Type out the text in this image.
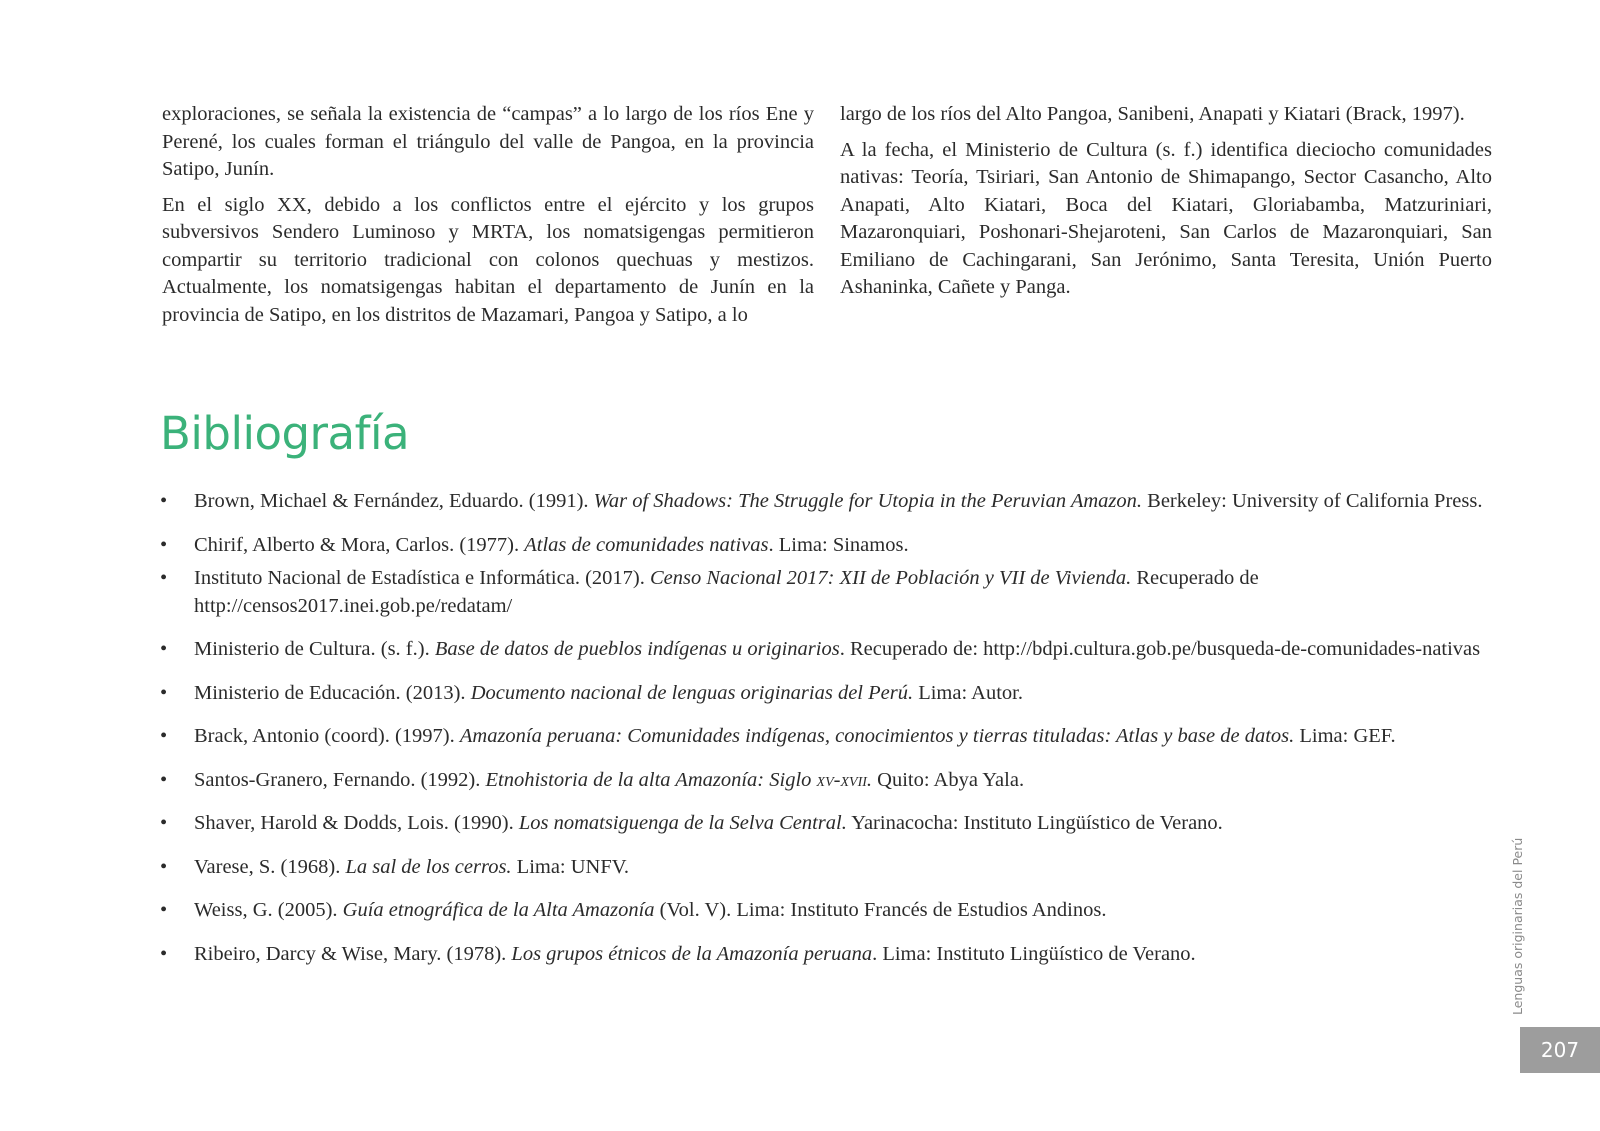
exploraciones, se señala la existencia de “campas” a lo largo de los ríos Ene y Perené, los cuales forman el triángulo del valle de Pangoa, en la provincia Satipo, Junín.

En el siglo XX, debido a los conflictos entre el ejército y los grupos subversivos Sendero Luminoso y MRTA, los nomatsigengas permitieron compartir su territorio tradicional con colonos quechuas y mestizos. Actualmente, los nomatsigengas habitan el departamento de Junín en la provincia de Satipo, en los distritos de Mazamari, Pangoa y Satipo, a lo

largo de los ríos del Alto Pangoa, Sanibeni, Anapati y Kiatari (Brack, 1997).

A la fecha, el Ministerio de Cultura (s. f.) identifica dieciocho comunidades nativas: Teoría, Tsiriari, San Antonio de Shimapango, Sector Casancho, Alto Anapati, Alto Kiatari, Boca del Kiatari, Gloriabamba, Matzuriniari, Mazaronquiari, Poshonari-Shejaroteni, San Carlos de Mazaronquiari, San Emiliano de Cachingarani, San Jerónimo, Santa Teresita, Unión Puerto Ashaninka, Cañete y Panga.

Bibliografía
• Brown, Michael & Fernández, Eduardo. (1991). War of Shadows: The Struggle for Utopia in the Peruvian Amazon. Berkeley: University of California Press.
• Chirif, Alberto & Mora, Carlos. (1977). Atlas de comunidades nativas. Lima: Sinamos.
• Instituto Nacional de Estadística e Informática. (2017). Censo Nacional 2017: XII de Población y VII de Vivienda. Recuperado de http://censos2017.inei.gob.pe/redatam/
• Ministerio de Cultura. (s. f.). Base de datos de pueblos indígenas u originarios. Recuperado de: http://bdpi.cultura.gob.pe/busqueda-de-comunidades-nativas
• Ministerio de Educación. (2013). Documento nacional de lenguas originarias del Perú. Lima: Autor.
• Brack, Antonio (coord). (1997). Amazonía peruana: Comunidades indígenas, conocimientos y tierras tituladas: Atlas y base de datos. Lima: GEF.
• Santos-Granero, Fernando. (1992). Etnohistoria de la alta Amazonía: Siglo xv-xvii. Quito: Abya Yala.
• Shaver, Harold & Dodds, Lois. (1990). Los nomatsiguenga de la Selva Central. Yarinacocha: Instituto Lingüístico de Verano.
• Varese, S. (1968). La sal de los cerros. Lima: UNFV.
• Weiss, G. (2005). Guía etnográfica de la Alta Amazonía (Vol. V). Lima: Instituto Francés de Estudios Andinos.
• Ribeiro, Darcy & Wise, Mary. (1978). Los grupos étnicos de la Amazonía peruana. Lima: Instituto Lingüístico de Verano.	Lenguas originarias del Perú
207
